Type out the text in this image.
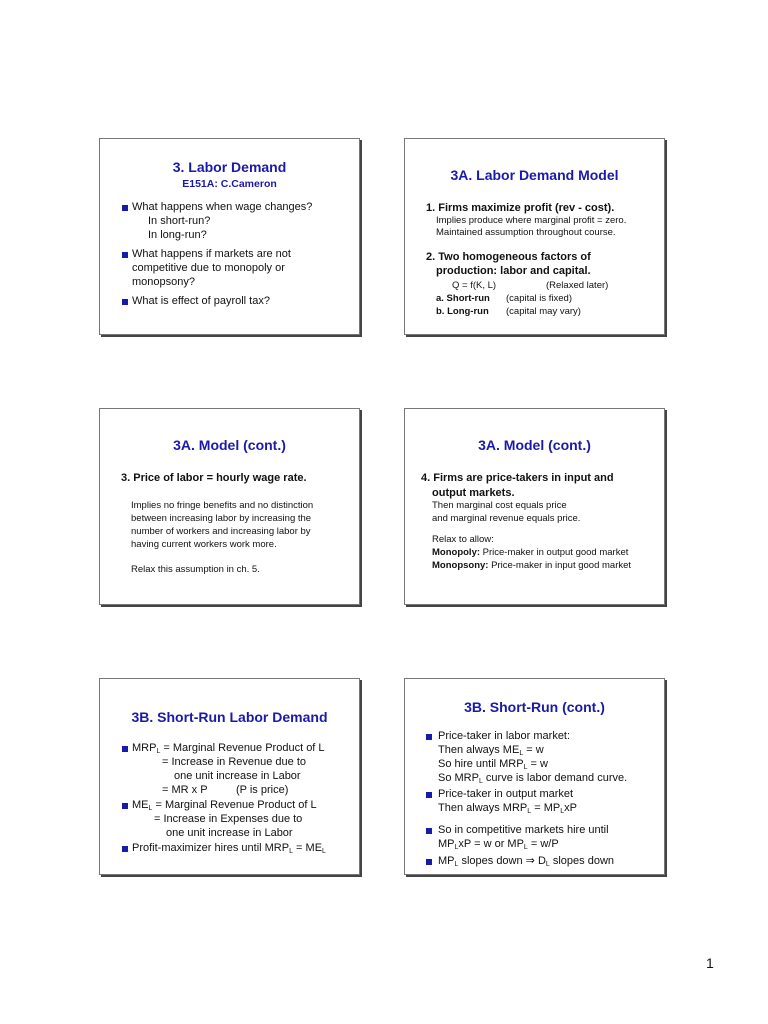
3. Labor Demand
E151A: C.Cameron
What happens when wage changes?
In short-run?
In long-run?
What happens if markets are not
competitive due to monopoly or
monopsony?
What is effect of payroll tax?
3A. Labor Demand Model
1. Firms maximize profit (rev - cost).
Implies produce where marginal profit = zero.
Maintained assumption throughout course.
2. Two homogeneous factors of
production: labor and capital.
Q = f(K, L)	(Relaxed later)
a. Short-run (capital is fixed)
b. Long-run (capital may vary)
3A. Model (cont.)
3. Price of labor = hourly wage rate.
Implies no fringe benefits and no distinction
between increasing labor by increasing the
number of workers and increasing labor by
having current workers work more.
Relax this assumption in ch. 5.
3A. Model (cont.)
4. Firms are price-takers in input and
output markets.
Then marginal cost equals price
and marginal revenue equals price.
Relax to allow:
Monopoly: Price-maker in output good market
Monopsony: Price-maker in input good market
3B. Short-Run Labor Demand
$MRP_L$ = Marginal Revenue Product of L
= Increase in Revenue due to
one unit increase in Labor
= MR x P	(P is price)
$ME_L$ = Marginal Revenue Product of L
= Increase in Expenses due to
one unit increase in Labor
Profit-maximizer hires until $MRP_L = ME_L$
3B. Short-Run (cont.)
Price-taker in labor market:
Then always $ME_L = w$
So hire until $MRP_L = w$
So $MRP_L$ curve is labor demand curve.
Price-taker in output market
Then always $MRP_L = MP_LxP$
So in competitive markets hire until
$MP_LxP = w$ or $MP_L = w/P$
$MP_L$ slopes down ⇒ $D_L$ slopes down
1
